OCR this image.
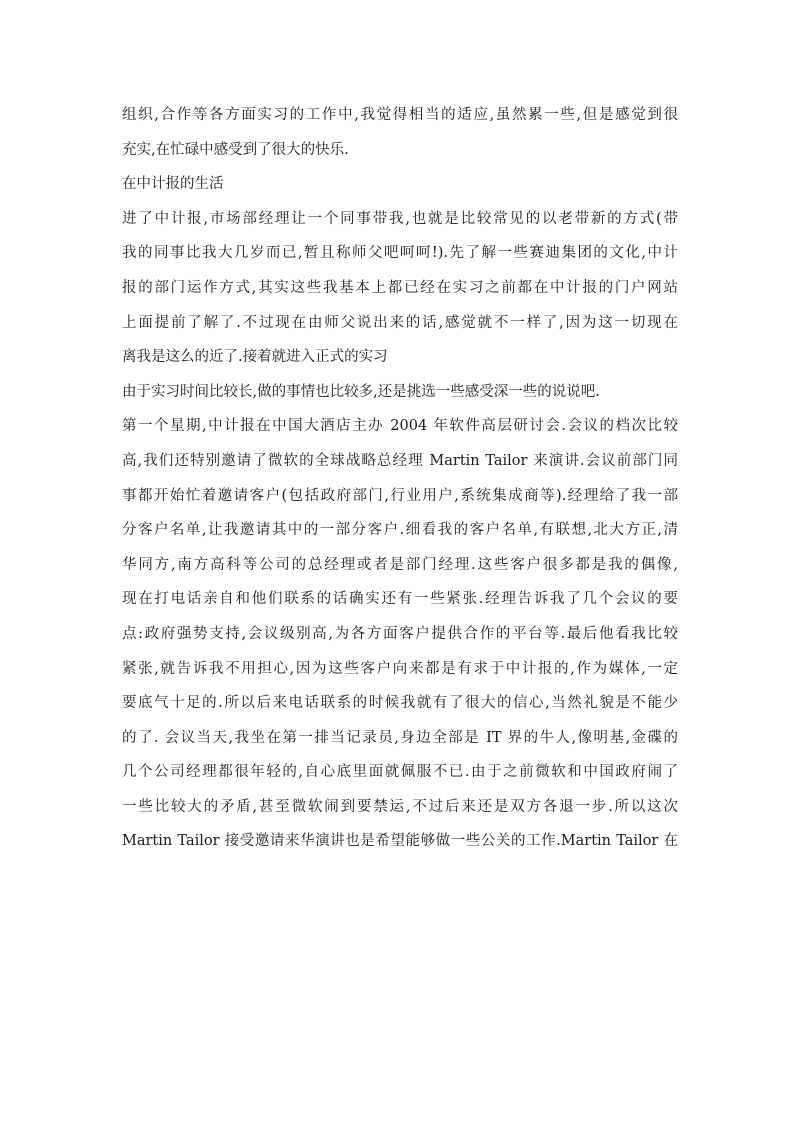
组织,合作等各方面实习的工作中,我觉得相当的适应,虽然累一些,但是感觉到很
充实,在忙碌中感受到了很大的快乐.
在中计报的生活
进了中计报,市场部经理让一个同事带我,也就是比较常见的以老带新的方式(带
我的同事比我大几岁而已,暂且称师父吧呵呵!).先了解一些赛迪集团的文化,中计
报的部门运作方式,其实这些我基本上都已经在实习之前都在中计报的门户网站
上面提前了解了.不过现在由师父说出来的话,感觉就不一样了,因为这一切现在
离我是这么的近了.接着就进入正式的实习
由于实习时间比较长,做的事情也比较多,还是挑选一些感受深一些的说说吧.
第一个星期,中计报在中国大酒店主办 2004 年软件高层研讨会.会议的档次比较
高,我们还特别邀请了微软的全球战略总经理 Martin Tailor 来演讲.会议前部门同
事都开始忙着邀请客户(包括政府部门,行业用户,系统集成商等).经理给了我一部
分客户名单,让我邀请其中的一部分客户.细看我的客户名单,有联想,北大方正,清
华同方,南方高科等公司的总经理或者是部门经理.这些客户很多都是我的偶像,
现在打电话亲自和他们联系的话确实还有一些紧张.经理告诉我了几个会议的要
点:政府强势支持,会议级别高,为各方面客户提供合作的平台等.最后他看我比较
紧张,就告诉我不用担心,因为这些客户向来都是有求于中计报的,作为媒体,一定
要底气十足的.所以后来电话联系的时候我就有了很大的信心,当然礼貌是不能少
的了. 会议当天,我坐在第一排当记录员,身边全部是 IT 界的牛人,像明基,金碟的
几个公司经理都很年轻的,自心底里面就佩服不已.由于之前微软和中国政府闹了
一些比较大的矛盾,甚至微软闹到要禁运,不过后来还是双方各退一步.所以这次
Martin Tailor 接受邀请来华演讲也是希望能够做一些公关的工作.Martin Tailor 在
